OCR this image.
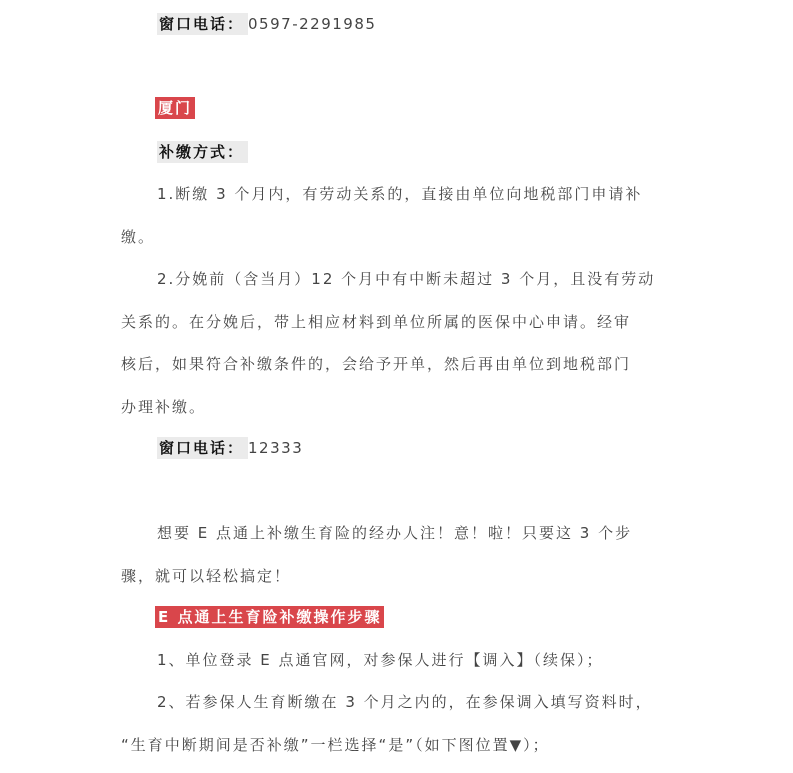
窗口电话： 0597-2291985
厦门
补缴方式：
1.断缴 3 个月内，有劳动关系的，直接由单位向地税部门申请补
缴。
2.分娩前（含当月）12 个月中有中断未超过 3 个月，且没有劳动
关系的。在分娩后，带上相应材料到单位所属的医保中心申请。经审
核后，如果符合补缴条件的，会给予开单，然后再由单位到地税部门
办理补缴。
窗口电话： 12333
想要 E 点通上补缴生育险的经办人注！意！啦！只要这 3 个步
骤，就可以轻松搞定！
E 点通上生育险补缴操作步骤
1、单位登录 E 点通官网，对参保人进行【调入】（续保）；
2、若参保人生育断缴在 3 个月之内的，在参保调入填写资料时，
“生育中断期间是否补缴”一栏选择“是”（如下图位置▼）；
